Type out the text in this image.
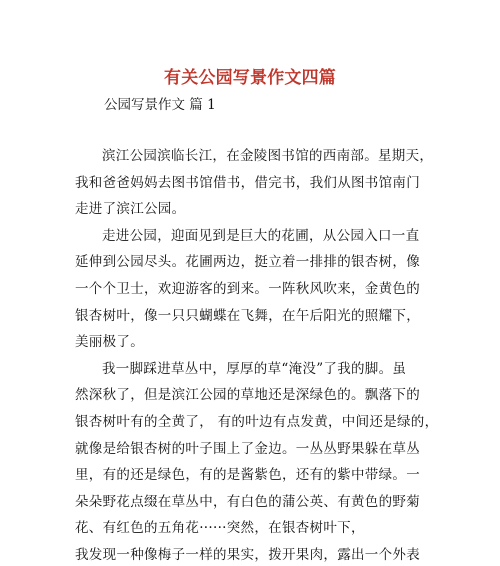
有关公园写景作文四篇
公园写景作文 篇 1
滨江公园滨临长江，在金陵图书馆的西南部。星期天，
我和爸爸妈妈去图书馆借书，借完书，我们从图书馆南门
走进了滨江公园。
走进公园，迎面见到是巨大的花圃，从公园入口一直
延伸到公园尽头。花圃两边，挺立着一排排的银杏树，像
一个个卫士，欢迎游客的到来。一阵秋风吹来，金黄色的
银杏树叶，像一只只蝴蝶在飞舞，在午后阳光的照耀下，
美丽极了。
我一脚踩进草丛中，厚厚的草“淹没”了我的脚。虽
然深秋了，但是滨江公园的草地还是深绿色的。飘落下的
银杏树叶有的全黄了， 有的叶边有点发黄，中间还是绿的，
就像是给银杏树的叶子围上了金边。一丛丛野果躲在草丛
里，有的还是绿色，有的是酱紫色，还有的紫中带绿。一
朵朵野花点缀在草丛中，有白色的蒲公英、有黄色的野菊
花、有红色的五角花······突然，在银杏树叶下，
我发现一种像梅子一样的果实，拨开果肉，露出一个外表
